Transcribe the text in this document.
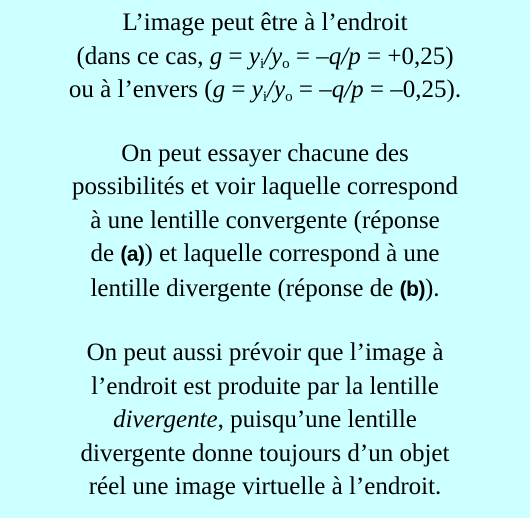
L’image peut être à l’endroit
(dans ce cas, $g = y_i/y_o = -q/p = +0,25$)
ou à l’envers $(g = y_i/y_o = -q/p = -0,25)$.

On peut essayer chacune des
possibilités et voir laquelle correspond
à une lentille convergente (réponse
de (a)) et laquelle correspond à une
lentille divergente (réponse de (b)).

On peut aussi prévoir que l’image à
l’endroit est produite par la lentille
divergente, puisqu’une lentille
divergente donne toujours d’un objet
réel une image virtuelle à l’endroit.
